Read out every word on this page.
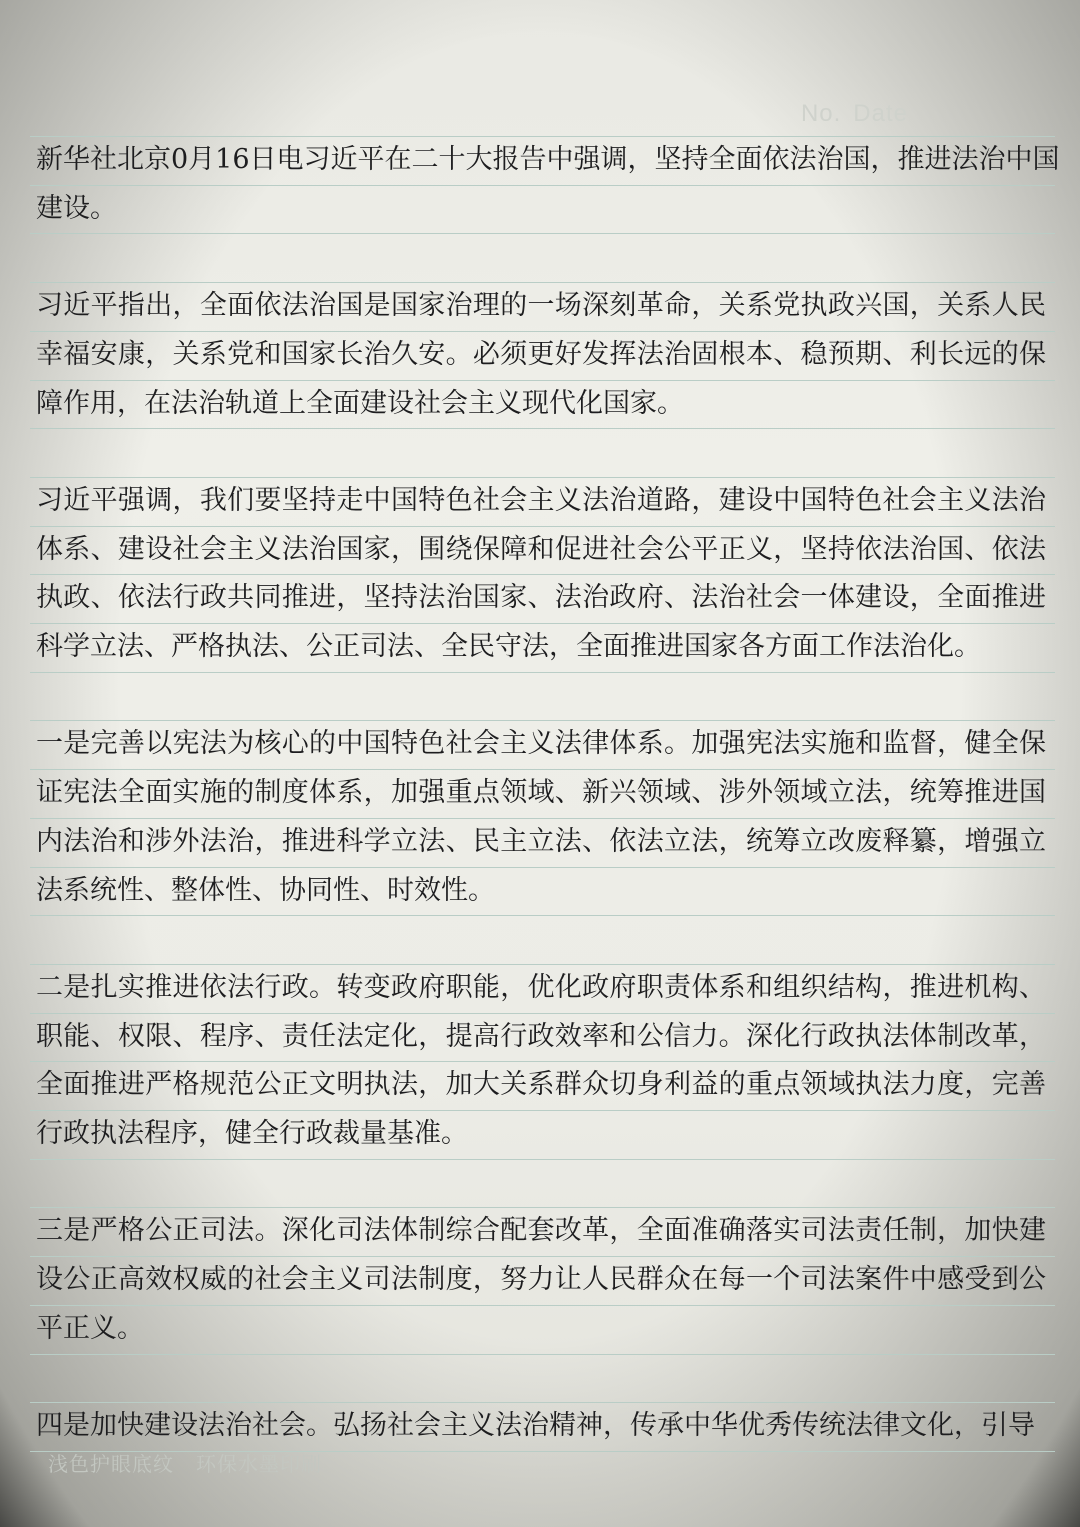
No. Date
新华社北京0月16日电习近平在二十大报告中强调，坚持全面依法治国，推进法治中国
建设。
习近平指出，全面依法治国是国家治理的一场深刻革命，关系党执政兴国，关系人民
幸福安康，关系党和国家长治久安。必须更好发挥法治固根本、稳预期、利长远的保
障作用，在法治轨道上全面建设社会主义现代化国家。
习近平强调，我们要坚持走中国特色社会主义法治道路，建设中国特色社会主义法治
体系、建设社会主义法治国家，围绕保障和促进社会公平正义，坚持依法治国、依法
执政、依法行政共同推进，坚持法治国家、法治政府、法治社会一体建设，全面推进
科学立法、严格执法、公正司法、全民守法，全面推进国家各方面工作法治化。
一是完善以宪法为核心的中国特色社会主义法律体系。加强宪法实施和监督，健全保
证宪法全面实施的制度体系，加强重点领域、新兴领域、涉外领域立法，统筹推进国
内法治和涉外法治，推进科学立法、民主立法、依法立法，统筹立改废释纂，增强立
法系统性、整体性、协同性、时效性。
二是扎实推进依法行政。转变政府职能，优化政府职责体系和组织结构，推进机构、
职能、权限、程序、责任法定化，提高行政效率和公信力。深化行政执法体制改革，
全面推进严格规范公正文明执法，加大关系群众切身利益的重点领域执法力度，完善
行政执法程序，健全行政裁量基准。
三是严格公正司法。深化司法体制综合配套改革，全面准确落实司法责任制，加快建
设公正高效权威的社会主义司法制度，努力让人民群众在每一个司法案件中感受到公
平正义。
四是加快建设法治社会。弘扬社会主义法治精神，传承中华优秀传统法律文化，引导
浅色护眼底纹 环保水墨印刷
